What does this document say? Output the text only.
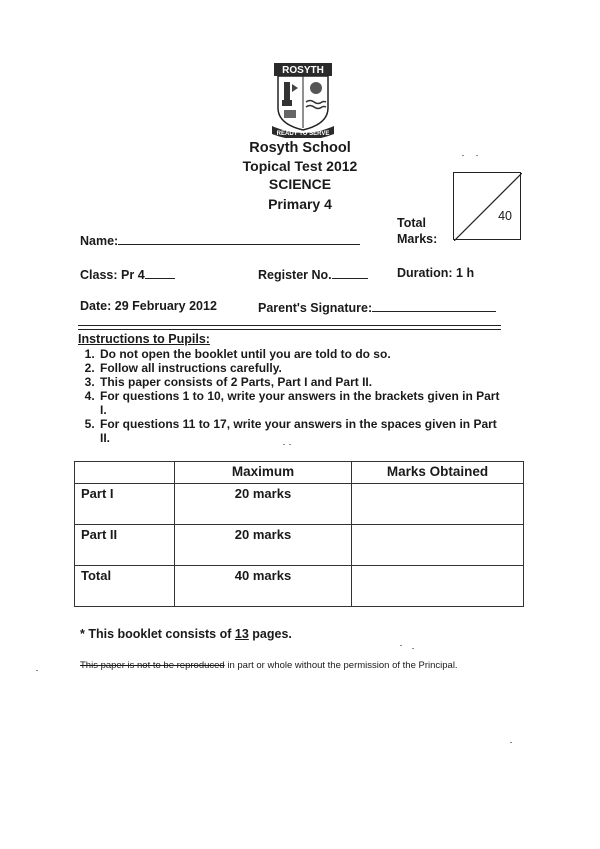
ROSYTH
READY TO SERVE
Rosyth School
Topical Test 2012
SCIENCE
Primary 4
Total
Marks:
40
Name:
Class: Pr 4	Register No.	Duration: 1 h
Date: 29 February 2012	Parent's Signature:
Instructions to Pupils:
1. Do not open the booklet until you are told to do so.
2. Follow all instructions carefully.
3. This paper consists of 2 Parts, Part I and Part II.
4. For questions 1 to 10, write your answers in the brackets given in Part I.
5. For questions 11 to 17, write your answers in the spaces given in Part II.
	Maximum	Marks Obtained
Part I	20 marks	
Part II	20 marks	
Total	40 marks	
* This booklet consists of 13 pages.
This paper is not to be reproduced in part or whole without the permission of the Principal.
